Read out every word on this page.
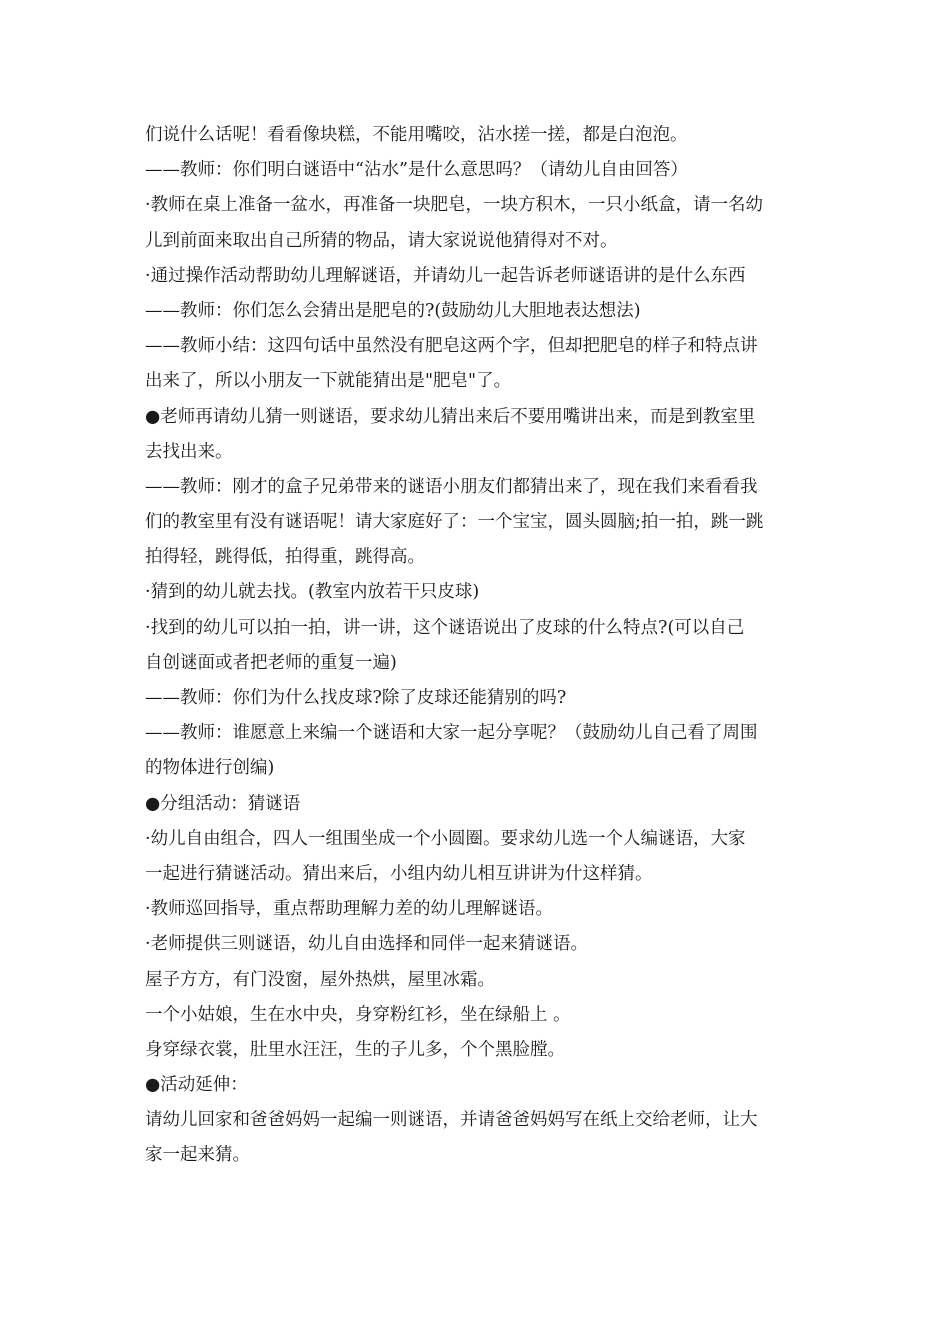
们说什么话呢！看看像块糕，不能用嘴咬，沾水搓一搓，都是白泡泡。
——教师：你们明白谜语中“沾水”是什么意思吗？（请幼儿自由回答）
·教师在桌上准备一盆水，再准备一块肥皂，一块方积木，一只小纸盒，请一名幼
儿到前面来取出自己所猜的物品，请大家说说他猜得对不对。
·通过操作活动帮助幼儿理解谜语，并请幼儿一起告诉老师谜语讲的是什么东西
——教师：你们怎么会猜出是肥皂的?(鼓励幼儿大胆地表达想法)
——教师小结：这四句话中虽然没有肥皂这两个字，但却把肥皂的样子和特点讲
出来了，所以小朋友一下就能猜出是"肥皂"了。
●老师再请幼儿猜一则谜语，要求幼儿猜出来后不要用嘴讲出来，而是到教室里
去找出来。
——教师：刚才的盒子兄弟带来的谜语小朋友们都猜出来了，现在我们来看看我
们的教室里有没有谜语呢！请大家庭好了：一个宝宝，圆头圆脑;拍一拍，跳一跳
拍得轻，跳得低，拍得重，跳得高。
·猜到的幼儿就去找。(教室内放若干只皮球)
·找到的幼儿可以拍一拍，讲一讲，这个谜语说出了皮球的什么特点?(可以自己
自创谜面或者把老师的重复一遍)
——教师：你们为什么找皮球?除了皮球还能猜别的吗?
——教师：谁愿意上来编一个谜语和大家一起分享呢？（鼓励幼儿自己看了周围
的物体进行创编)
●分组活动：猜谜语
·幼儿自由组合，四人一组围坐成一个小圆圈。要求幼儿选一个人编谜语，大家
一起进行猜谜活动。猜出来后，小组内幼儿相互讲讲为什这样猜。
·教师巡回指导，重点帮助理解力差的幼儿理解谜语。
·老师提供三则谜语，幼儿自由选择和同伴一起来猜谜语。
屋子方方，有门没窗，屋外热烘，屋里冰霜。
一个小姑娘，生在水中央，身穿粉红衫，坐在绿船上 。
身穿绿衣裳，肚里水汪汪，生的子儿多，个个黑脸膛。
●活动延伸：
请幼儿回家和爸爸妈妈一起编一则谜语，并请爸爸妈妈写在纸上交给老师，让大
家一起来猜。
